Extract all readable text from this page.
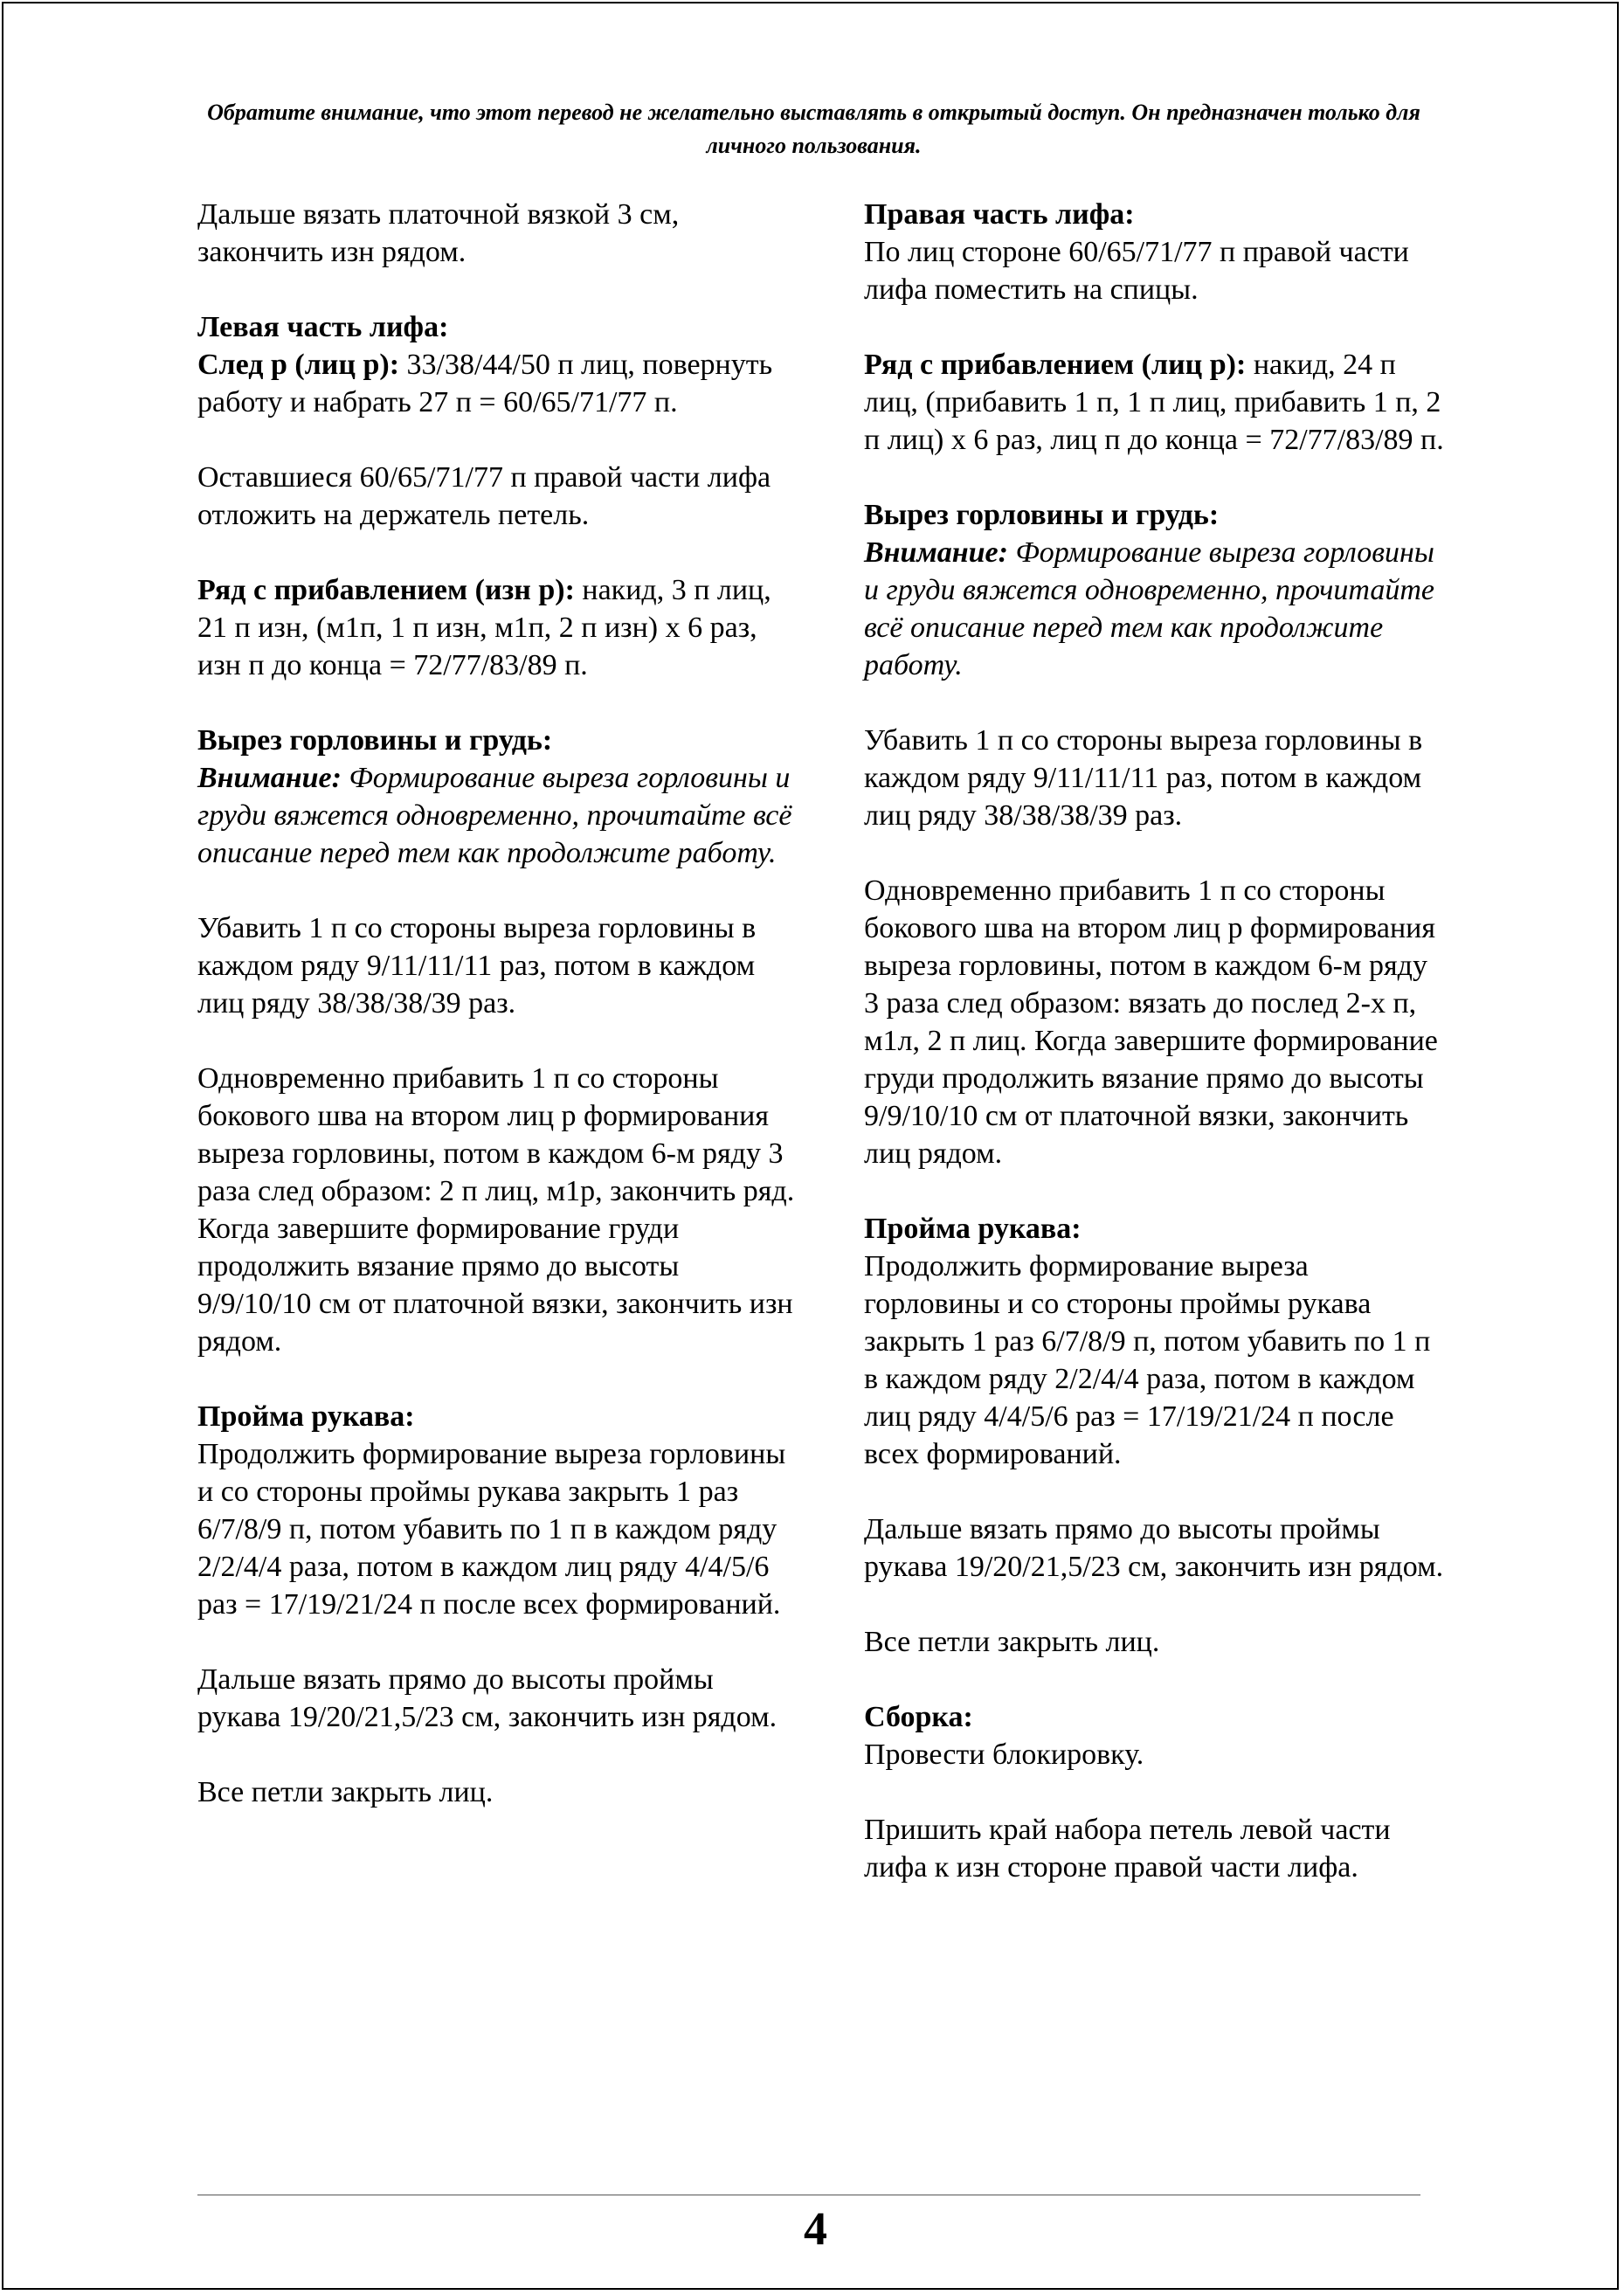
Обратите внимание, что этот перевод не желательно выставлять в открытый доступ. Он предназначен только для личного пользования.

Дальше вязать платочной вязкой 3 см, закончить изн рядом.

Левая часть лифа:

След р (лиц р): 33/38/44/50 п лиц, повернуть работу и набрать 27 п = 60/65/71/77 п.

Оставшиеся 60/65/71/77 п правой части лифа отложить на держатель петель.

Ряд с прибавлением (изн р): накид, 3 п лиц, 21 п изн, (м1п, 1 п изн, м1п, 2 п изн) х 6 раз, изн п до конца = 72/77/83/89 п.

Вырез горловины и грудь:

Внимание: Формирование выреза горловины и груди вяжется одновременно, прочитайте всё описание перед тем как продолжите работу.

Убавить 1 п со стороны выреза горловины в каждом ряду 9/11/11/11 раз, потом в каждом лиц ряду 38/38/38/39 раз.

Одновременно прибавить 1 п со стороны бокового шва на втором лиц р формирования выреза горловины, потом в каждом 6-м ряду 3 раза след образом: 2 п лиц, м1р, закончить ряд. Когда завершите формирование груди продолжить вязание прямо до высоты 9/9/10/10 см от платочной вязки, закончить изн рядом.

Пройма рукава:

Продолжить формирование выреза горловины и со стороны проймы рукава закрыть 1 раз 6/7/8/9 п, потом убавить по 1 п в каждом ряду 2/2/4/4 раза, потом в каждом лиц ряду 4/4/5/6 раз = 17/19/21/24 п после всех формирований.

Дальше вязать прямо до высоты проймы рукава 19/20/21,5/23 см, закончить изн рядом.

Все петли закрыть лиц.

Правая часть лифа:

По лиц стороне 60/65/71/77 п правой части лифа поместить на спицы.

Ряд с прибавлением (лиц р): накид, 24 п лиц, (прибавить 1 п, 1 п лиц, прибавить 1 п, 2 п лиц) х 6 раз, лиц п до конца = 72/77/83/89 п.

Вырез горловины и грудь:

Внимание: Формирование выреза горловины и груди вяжется одновременно, прочитайте всё описание перед тем как продолжите работу.

Убавить 1 п со стороны выреза горловины в каждом ряду 9/11/11/11 раз, потом в каждом лиц ряду 38/38/38/39 раз.

Одновременно прибавить 1 п со стороны бокового шва на втором лиц р формирования выреза горловины, потом в каждом 6-м ряду 3 раза след образом: вязать до послед 2-х п, м1л, 2 п лиц. Когда завершите формирование груди продолжить вязание прямо до высоты 9/9/10/10 см от платочной вязки, закончить лиц рядом.

Пройма рукава:

Продолжить формирование выреза горловины и со стороны проймы рукава закрыть 1 раз 6/7/8/9 п, потом убавить по 1 п в каждом ряду 2/2/4/4 раза, потом в каждом лиц ряду 4/4/5/6 раз = 17/19/21/24 п после всех формирований.

Дальше вязать прямо до высоты проймы рукава 19/20/21,5/23 см, закончить изн рядом.

Все петли закрыть лиц.

Сборка:

Провести блокировку.

Пришить край набора петель левой части лифа к изн стороне правой части лифа.

4
